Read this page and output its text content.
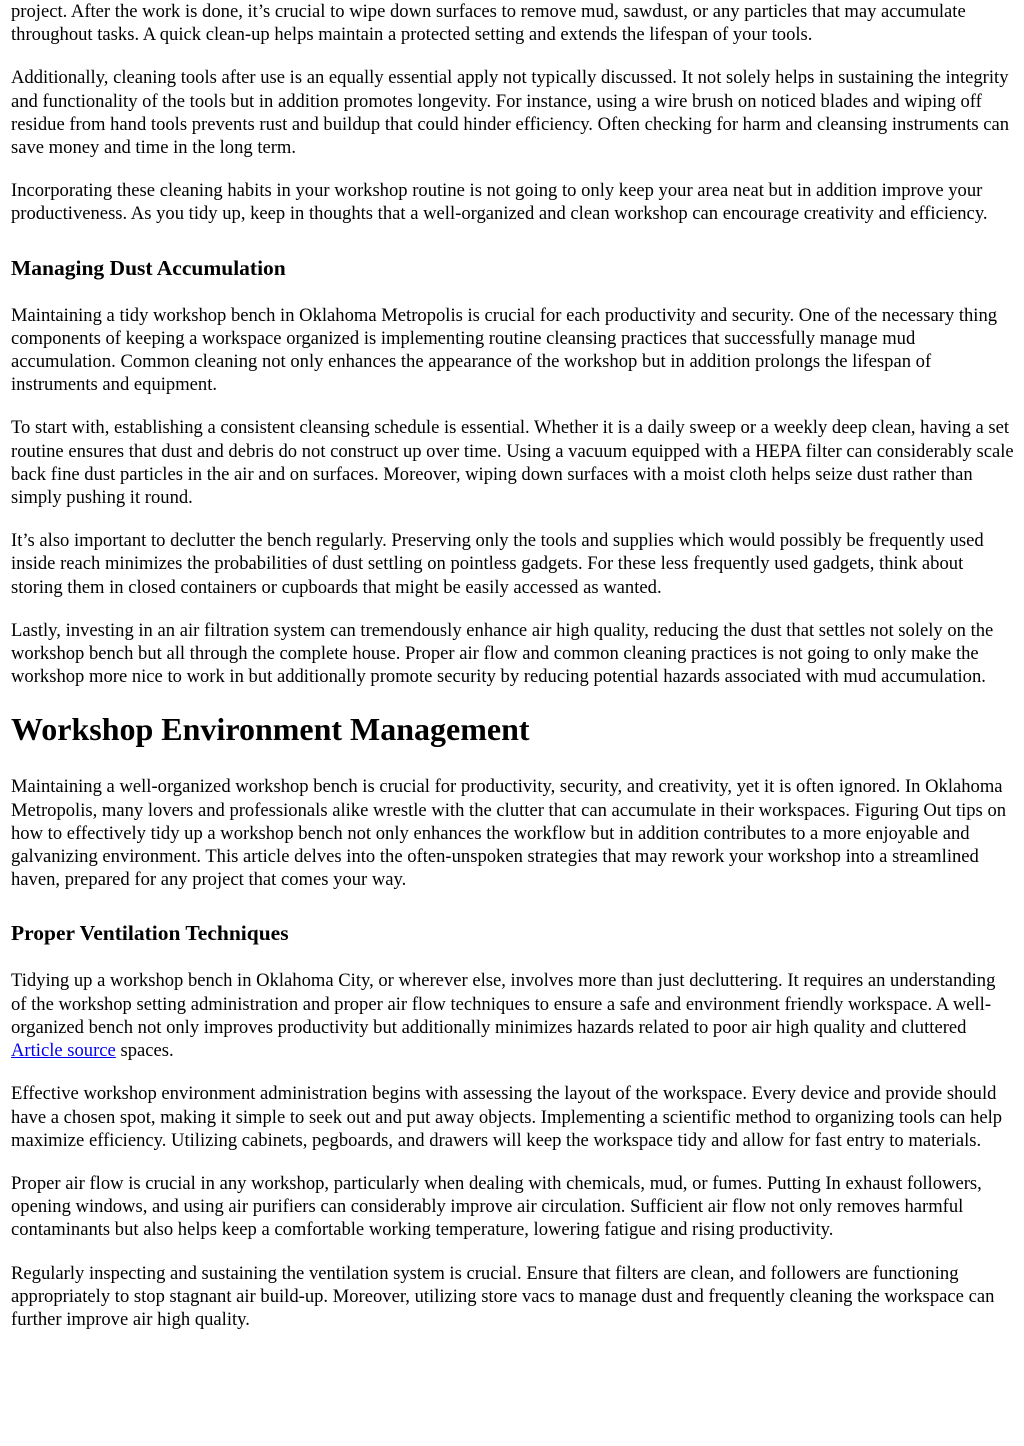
project. After the work is done, it’s crucial to wipe down surfaces to remove mud, sawdust, or any particles that may accumulate throughout tasks. A quick clean-up helps maintain a protected setting and extends the lifespan of your tools.

Additionally, cleaning tools after use is an equally essential apply not typically discussed. It not solely helps in sustaining the integrity and functionality of the tools but in addition promotes longevity. For instance, using a wire brush on noticed blades and wiping off residue from hand tools prevents rust and buildup that could hinder efficiency. Often checking for harm and cleansing instruments can save money and time in the long term.

Incorporating these cleaning habits in your workshop routine is not going to only keep your area neat but in addition improve your productiveness. As you tidy up, keep in thoughts that a well-organized and clean workshop can encourage creativity and efficiency.

Managing Dust Accumulation

Maintaining a tidy workshop bench in Oklahoma Metropolis is crucial for each productivity and security. One of the necessary thing components of keeping a workspace organized is implementing routine cleansing practices that successfully manage mud accumulation. Common cleaning not only enhances the appearance of the workshop but in addition prolongs the lifespan of instruments and equipment.

To start with, establishing a consistent cleansing schedule is essential. Whether it is a daily sweep or a weekly deep clean, having a set routine ensures that dust and debris do not construct up over time. Using a vacuum equipped with a HEPA filter can considerably scale back fine dust particles in the air and on surfaces. Moreover, wiping down surfaces with a moist cloth helps seize dust rather than simply pushing it round.

It’s also important to declutter the bench regularly. Preserving only the tools and supplies which would possibly be frequently used inside reach minimizes the probabilities of dust settling on pointless gadgets. For these less frequently used gadgets, think about storing them in closed containers or cupboards that might be easily accessed as wanted.

Lastly, investing in an air filtration system can tremendously enhance air high quality, reducing the dust that settles not solely on the workshop bench but all through the complete house. Proper air flow and common cleaning practices is not going to only make the workshop more nice to work in but additionally promote security by reducing potential hazards associated with mud accumulation.

Workshop Environment Management

Maintaining a well-organized workshop bench is crucial for productivity, security, and creativity, yet it is often ignored. In Oklahoma Metropolis, many lovers and professionals alike wrestle with the clutter that can accumulate in their workspaces. Figuring Out tips on how to effectively tidy up a workshop bench not only enhances the workflow but in addition contributes to a more enjoyable and galvanizing environment. This article delves into the often-unspoken strategies that may rework your workshop into a streamlined haven, prepared for any project that comes your way.

Proper Ventilation Techniques

Tidying up a workshop bench in Oklahoma City, or wherever else, involves more than just decluttering. It requires an understanding of the workshop setting administration and proper air flow techniques to ensure a safe and environment friendly workspace. A well-organized bench not only improves productivity but additionally minimizes hazards related to poor air high quality and cluttered Article source spaces.

Effective workshop environment administration begins with assessing the layout of the workspace. Every device and provide should have a chosen spot, making it simple to seek out and put away objects. Implementing a scientific method to organizing tools can help maximize efficiency. Utilizing cabinets, pegboards, and drawers will keep the workspace tidy and allow for fast entry to materials.

Proper air flow is crucial in any workshop, particularly when dealing with chemicals, mud, or fumes. Putting In exhaust followers, opening windows, and using air purifiers can considerably improve air circulation. Sufficient air flow not only removes harmful contaminants but also helps keep a comfortable working temperature, lowering fatigue and rising productivity.

Regularly inspecting and sustaining the ventilation system is crucial. Ensure that filters are clean, and followers are functioning appropriately to stop stagnant air build-up. Moreover, utilizing store vacs to manage dust and frequently cleaning the workspace can further improve air high quality.
